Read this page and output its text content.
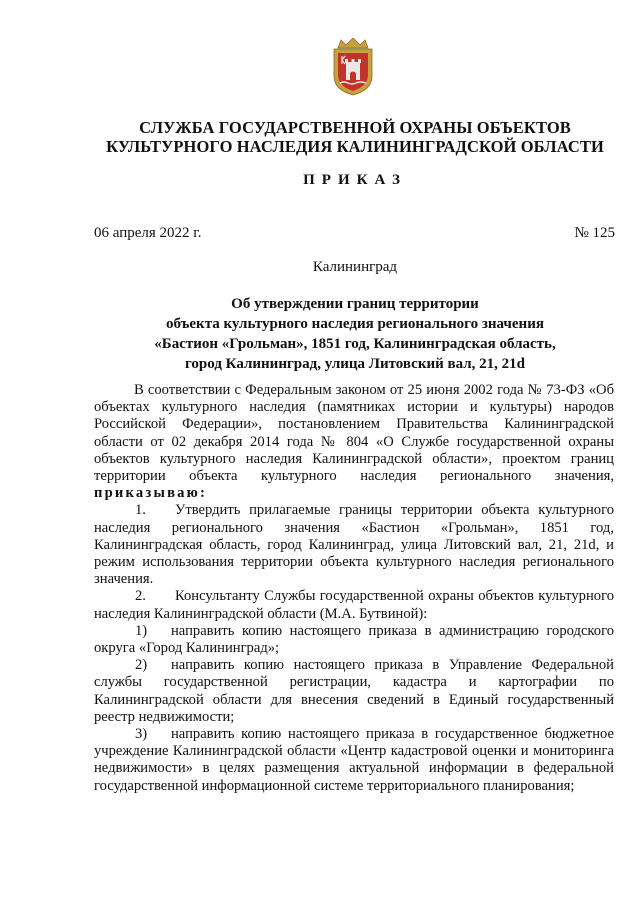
СЛУЖБА ГОСУДАРСТВЕННОЙ ОХРАНЫ ОБЪЕКТОВ
КУЛЬТУРНОГО НАСЛЕДИЯ КАЛИНИНГРАДСКОЙ ОБЛАСТИ
ПРИКАЗ
06 апреля 2022 г.	№ 125
Калининград
Об утверждении границ территории
объекта культурного наследия регионального значения
«Бастион «Грольман», 1851 год, Калининградская область,
город Калининград, улица Литовский вал, 21, 21d

В соответствии с Федеральным законом от 25 июня 2002 года № 73-ФЗ «Об объектах культурного наследия (памятниках истории и культуры) народов Российской Федерации», постановлением Правительства Калининградской области от 02 декабря 2014 года № 804 «О Службе государственной охраны объектов культурного наследия Калининградской области», проектом границ территории объекта культурного наследия регионального значения, приказываю:

1. Утвердить прилагаемые границы территории объекта культурного наследия регионального значения «Бастион «Грольман», 1851 год, Калининградская область, город Калининград, улица Литовский вал, 21, 21d, и режим использования территории объекта культурного наследия регионального значения.

2. Консультанту Службы государственной охраны объектов культурного наследия Калининградской области (М.А. Бутвиной):

1) направить копию настоящего приказа в администрацию городского округа «Город Калининград»;

2) направить копию настоящего приказа в Управление Федеральной службы государственной регистрации, кадастра и картографии по Калининградской области для внесения сведений в Единый государственный реестр недвижимости;

3) направить копию настоящего приказа в государственное бюджетное учреждение Калининградской области «Центр кадастровой оценки и мониторинга недвижимости» в целях размещения актуальной информации в федеральной государственной информационной системе территориального планирования;
